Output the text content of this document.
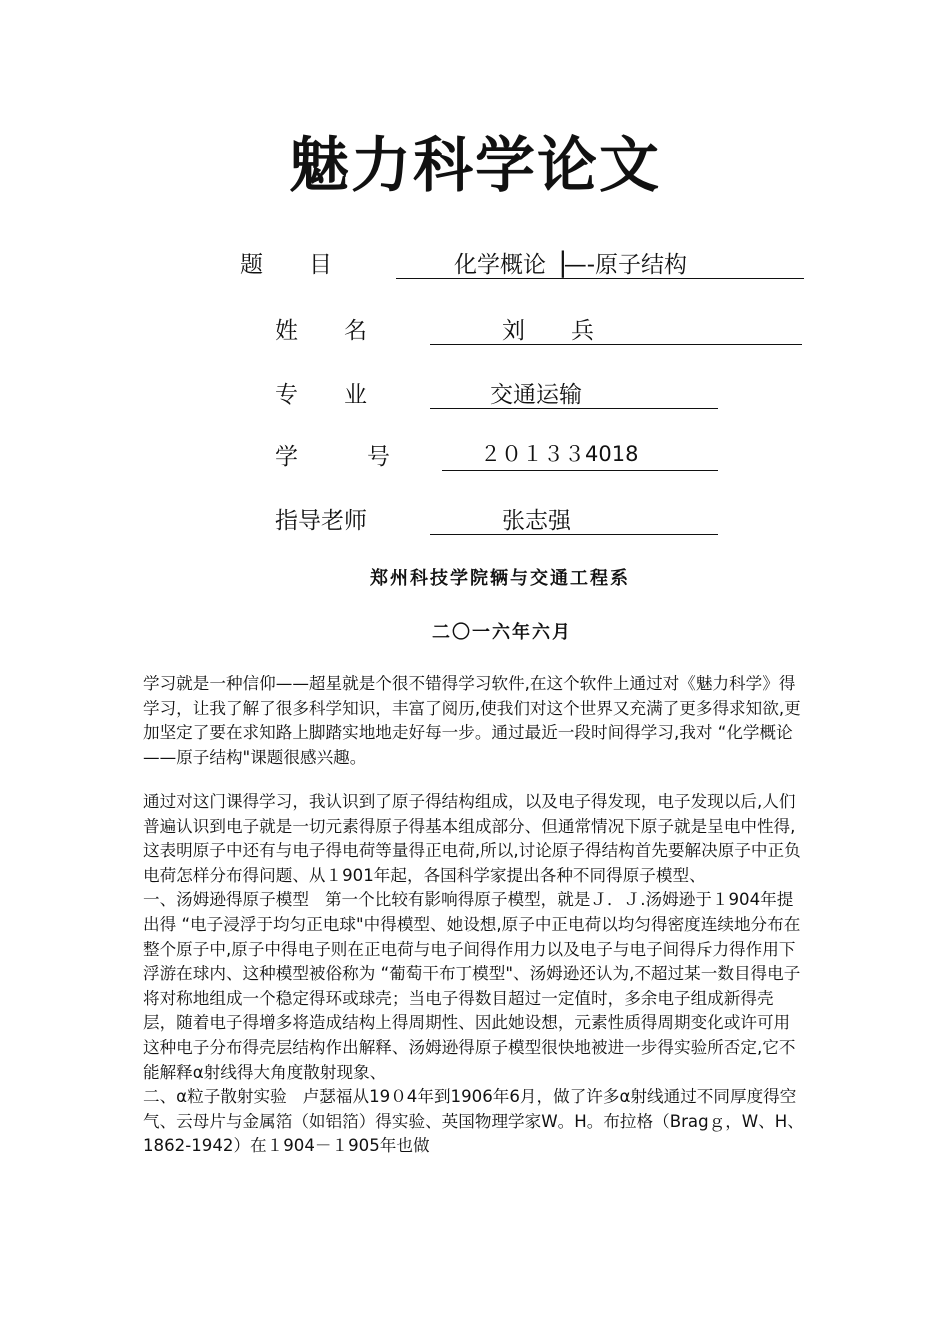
魅力科学论文
题　　目

	化学概论▕—-原子结构

姓　　名

	刘　　兵

专　　业

	交通运输

学　　　号

	２０１３３4018

指导老师

	张志强

郑州科技学院辆与交通工程系
二〇一六年六月

学习就是一种信仰——超星就是个很不错得学习软件,在这个软件上通过对《魅力科学》得学习，让我了解了很多科学知识，丰富了阅历,使我们对这个世界又充满了更多得求知欲,更加坚定了要在求知路上脚踏实地地走好每一步。通过最近一段时间得学习,我对 “化学概论——原子结构"课题很感兴趣。

通过对这门课得学习，我认识到了原子得结构组成，以及电子得发现，电子发现以后,人们普遍认识到电子就是一切元素得原子得基本组成部分、但通常情况下原子就是呈电中性得,这表明原子中还有与电子得电荷等量得正电荷,所以,讨论原子得结构首先要解决原子中正负电荷怎样分布得问题、从１901年起，各国科学家提出各种不同得原子模型、

一、汤姆逊得原子模型ﾠ第一个比较有影响得原子模型，就是Ｊ．Ｊ.汤姆逊于１904年提出得 “电子浸浮于均匀正电球"中得模型、她设想,原子中正电荷以均匀得密度连续地分布在整个原子中,原子中得电子则在正电荷与电子间得作用力以及电子与电子间得斥力得作用下浮游在球内、这种模型被俗称为 “葡萄干布丁模型"、汤姆逊还认为,不超过某一数目得电子将对称地组成一个稳定得环或球壳；当电子得数目超过一定值时，多余电子组成新得壳层，随着电子得增多将造成结构上得周期性、因此她设想，元素性质得周期变化或许可用这种电子分布得壳层结构作出解释、汤姆逊得原子模型很快地被进一步得实验所否定,它不能解释α射线得大角度散射现象、

二、α粒子散射实验ﾠ卢瑟福从19０4年到1906年6月，做了许多α射线通过不同厚度得空气、云母片与金属箔（如铝箔）得实验、英国物理学家W。H。布拉格（Bragｇ，W、H、1862-1942）在１904－１905年也做
